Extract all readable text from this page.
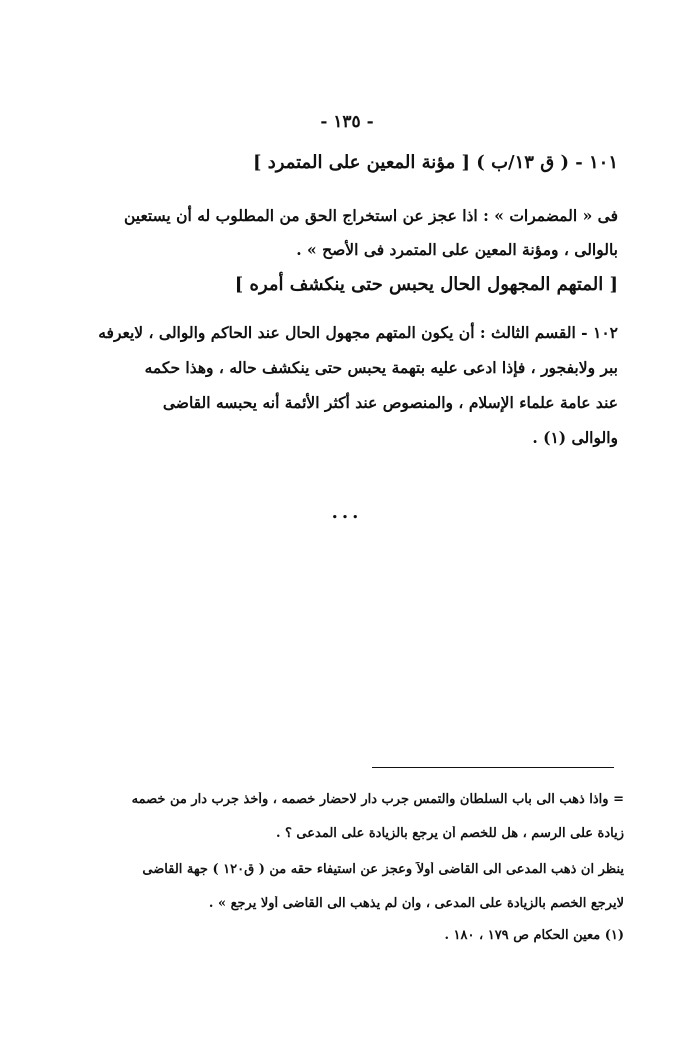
- ١٣٥ -
١٠١ - ( ق ١٣/ب ) [ مؤنة المعين على المتمرد ]
فى « المضمرات » : اذا عجز عن استخراج الحق من المطلوب له أن يستعين
بالوالى ، ومؤنة المعين على المتمرد فى الأصح » .
[ المتهم المجهول الحال يحبس حتى ينكشف أمره ]
١٠٢ - القسم الثالث : أن يكون المتهم مجهول الحال عند الحاكم والوالى ، لايعرفه
ببر ولابفجور ، فإذا ادعى عليه بتهمة يحبس حتى ينكشف حاله ، وهذا حكمه
عند عامة علماء الإسلام ، والمنصوص عند أكثر الأئمة أنه يحبسه القاضى
والوالى (١) .
...
= واذا ذهب الى باب السلطان والتمس جرب دار لاحضار خصمه ، وأخذ جرب دار من خصمه
زيادة على الرسم ، هل للخصم أن يرجع بالزيادة على المدعى ؟ .
ينظر ان ذهب المدعى الى القاضى أولاً وعجز عن استيفاء حقه من ( ق١٢٠ ) جهة القاضى
لايرجع الخصم بالزيادة على المدعى ، وان لم يذهب الى القاضى أولا يرجع » .
(١) معين الحكام ص ١٧٩ ، ١٨٠ .
